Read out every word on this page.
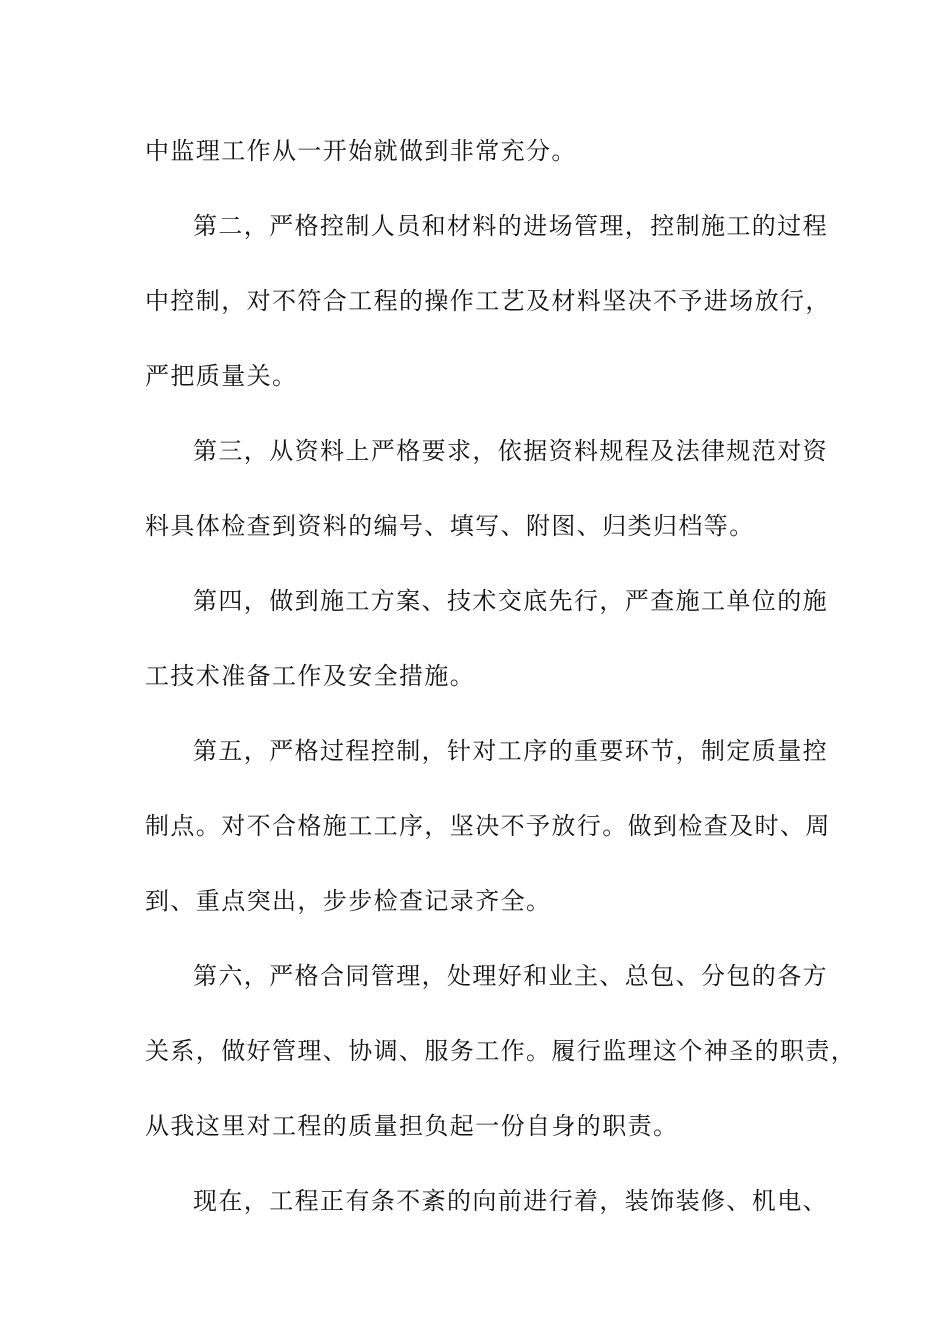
中监理工作从一开始就做到非常充分。
第二，严格控制人员和材料的进场管理，控制施工的过程
中控制，对不符合工程的操作工艺及材料坚决不予进场放行，
严把质量关。
第三，从资料上严格要求，依据资料规程及法律规范对资
料具体检查到资料的编号、填写、附图、归类归档等。
第四，做到施工方案、技术交底先行，严查施工单位的施
工技术准备工作及安全措施。
第五，严格过程控制，针对工序的重要环节，制定质量控
制点。对不合格施工工序，坚决不予放行。做到检查及时、周
到、重点突出，步步检查记录齐全。
第六，严格合同管理，处理好和业主、总包、分包的各方
关系，做好管理、协调、服务工作。履行监理这个神圣的职责，
从我这里对工程的质量担负起一份自身的职责。
现在，工程正有条不紊的向前进行着，装饰装修、机电、
